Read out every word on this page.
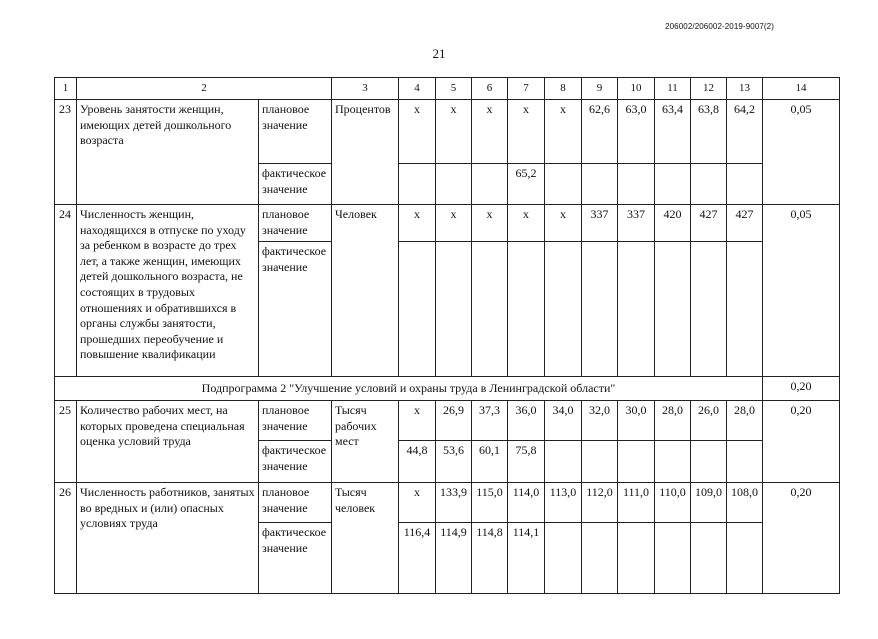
206002/206002-2019-9007(2)
21
1	2		3	4	5	6	7	8	9	10	11	12	13	14
23	Уровень занятости женщин, имеющих детей дошкольного возраста	плановое значение	Процентов	х	х	х	х	х	62,6	63,0	63,4	63,8	64,2	0,05
		фактическое значение					65,2							
24	Численность женщин, находящихся в отпуске по уходу за ребенком в возрасте до трех лет, а также женщин, имеющих детей дошкольного возраста, не состоящих в трудовых отношениях и обратившихся в органы службы занятости, прошедших переобучение и повышение квалификации	плановое значение	Человек	х	х	х	х	х	337	337	420	427	427	0,05
		фактическое значение												
Подпрограмма 2 "Улучшение условий и охраны труда в Ленинградской области"														0,20
25	Количество рабочих мест, на которых проведена специальная оценка условий труда	плановое значение	Тысяч рабочих мест	х	26,9	37,3	36,0	34,0	32,0	30,0	28,0	26,0	28,0	0,20
		фактическое значение		44,8	53,6	60,1	75,8							
26	Численность работников, занятых во вредных и (или) опасных условиях труда	плановое значение	Тысяч человек	х	133,9	115,0	114,0	113,0	112,0	111,0	110,0	109,0	108,0	0,20
		фактическое значение		116,4	114,9	114,8	114,1							
